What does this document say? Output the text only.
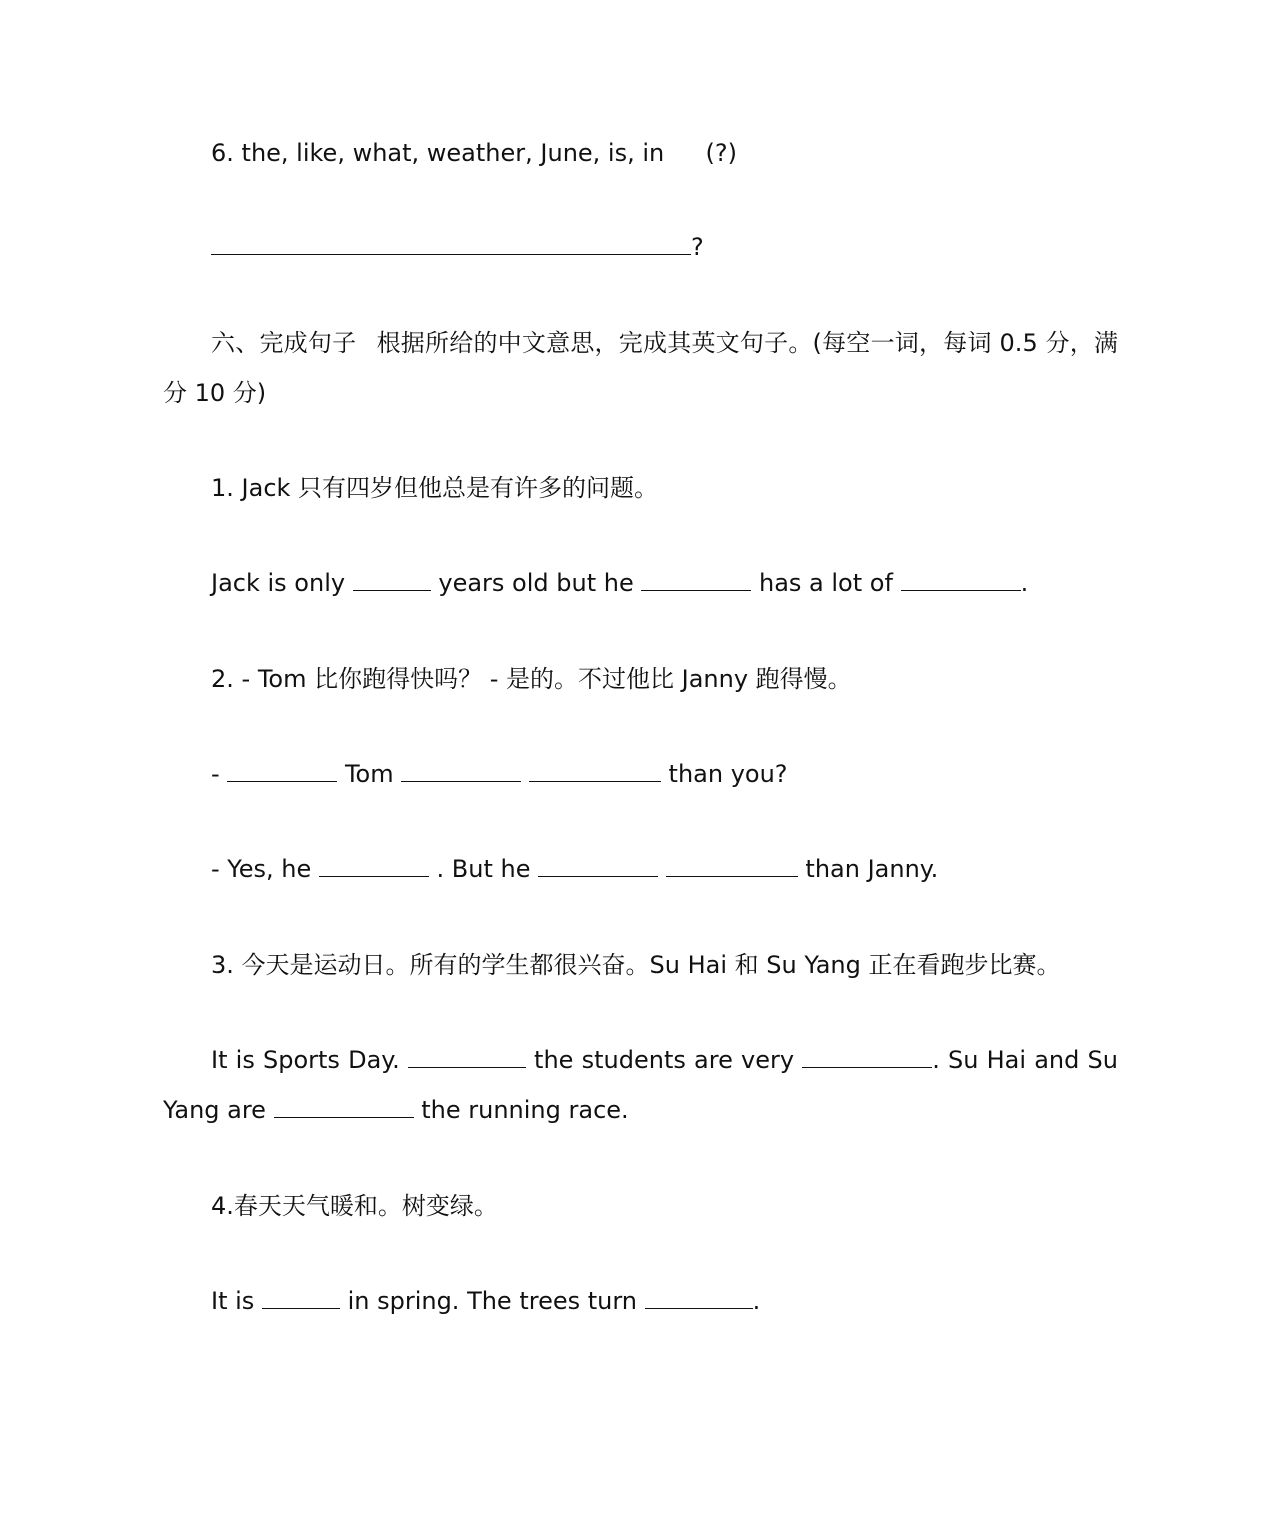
6. the, like, what, weather, June, is, in (?)
?
六、完成句子 根据所给的中文意思，完成其英文句子。(每空一词，每词 0.5 分，满分 10 分)
1. Jack 只有四岁但他总是有许多的问题。
Jack is only	years old but he	has a lot of	.
2. - Tom 比你跑得快吗？ - 是的。不过他比 Janny 跑得慢。
-	Tom	than you?
- Yes, he	. But he	than Janny.
3. 今天是运动日。所有的学生都很兴奋。Su Hai 和 Su Yang 正在看跑步比赛。
It is Sports Day.	the students are very	. Su Hai and Su Yang are	the running race.
4.春天天气暖和。树变绿。
It is	in spring. The trees turn	.
